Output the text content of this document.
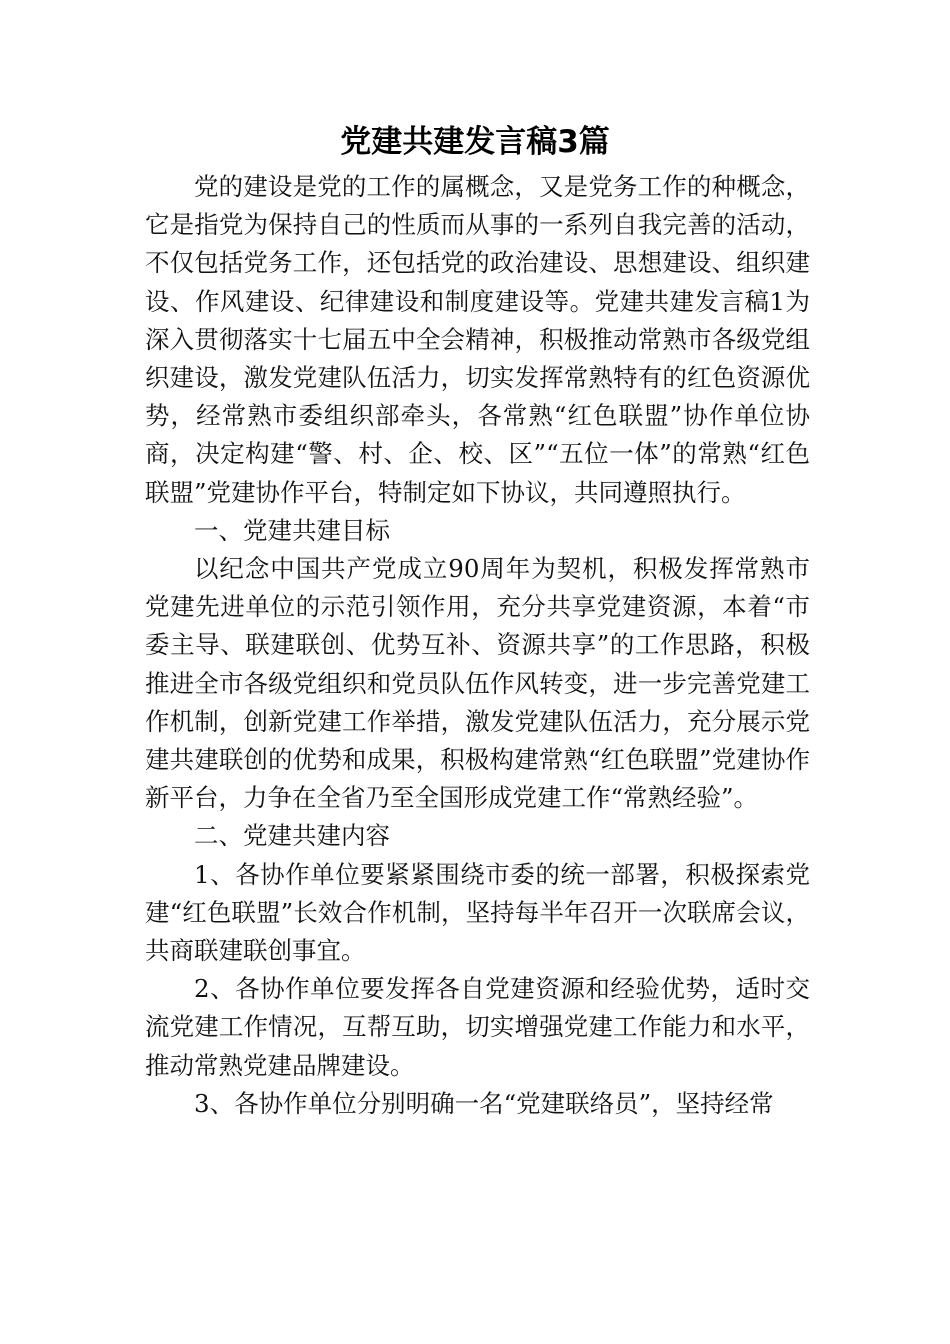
党建共建发言稿3篇

党的建设是党的工作的属概念，又是党务工作的种概念，它是指党为保持自己的性质而从事的一系列自我完善的活动，不仅包括党务工作，还包括党的政治建设、思想建设、组织建设、作风建设、纪律建设和制度建设等。党建共建发言稿1为深入贯彻落实十七届五中全会精神，积极推动常熟市各级党组织建设，激发党建队伍活力，切实发挥常熟特有的红色资源优势，经常熟市委组织部牵头，各常熟“红色联盟”协作单位协商，决定构建“警、村、企、校、区”“五位一体”的常熟“红色联盟”党建协作平台，特制定如下协议，共同遵照执行。

一、党建共建目标

以纪念中国共产党成立90周年为契机，积极发挥常熟市党建先进单位的示范引领作用，充分共享党建资源，本着“市委主导、联建联创、优势互补、资源共享”的工作思路，积极推进全市各级党组织和党员队伍作风转变，进一步完善党建工作机制，创新党建工作举措，激发党建队伍活力，充分展示党建共建联创的优势和成果，积极构建常熟“红色联盟”党建协作新平台，力争在全省乃至全国形成党建工作“常熟经验”。

二、党建共建内容

1、各协作单位要紧紧围绕市委的统一部署，积极探索党建“红色联盟”长效合作机制，坚持每半年召开一次联席会议，共商联建联创事宜。

2、各协作单位要发挥各自党建资源和经验优势，适时交流党建工作情况，互帮互助，切实增强党建工作能力和水平，推动常熟党建品牌建设。

3、各协作单位分别明确一名“党建联络员”，坚持经常
